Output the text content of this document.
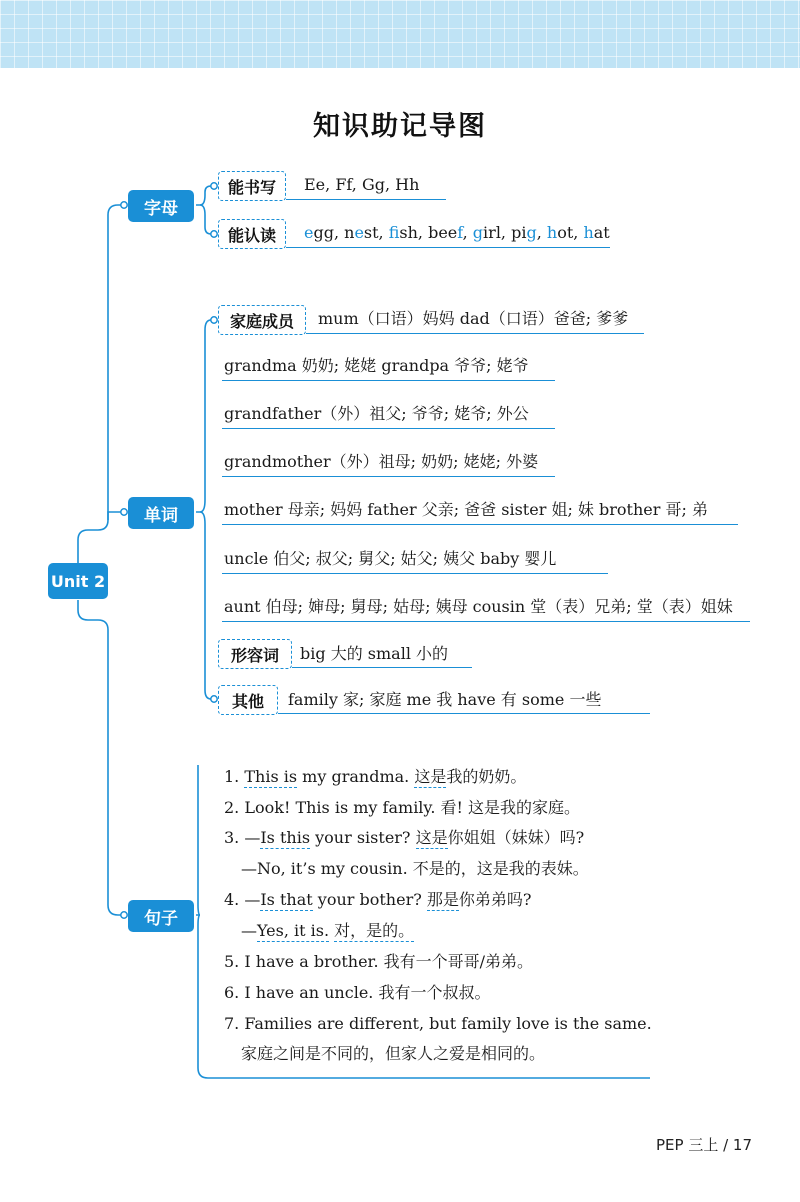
知识助记导图
Unit 2
字母
能书写 Ee, Ff, Gg, Hh
能认读 egg, nest, fish, beef, girl, pig, hot, hat
单词
家庭成员 mum（口语）妈妈 dad（口语）爸爸; 爹爹
grandma 奶奶; 姥姥 grandpa 爷爷; 姥爷
grandfather（外）祖父; 爷爷; 姥爷; 外公
grandmother（外）祖母; 奶奶; 姥姥; 外婆
mother 母亲; 妈妈 father 父亲; 爸爸 sister 姐; 妹 brother 哥; 弟
uncle 伯父; 叔父; 舅父; 姑父; 姨父 baby 婴儿
aunt 伯母; 婶母; 舅母; 姑母; 姨母 cousin 堂（表）兄弟; 堂（表）姐妹
形容词 big 大的 small 小的
其他 family 家; 家庭 me 我 have 有 some 一些
句子
1. This is my grandma. 这是我的奶奶。
2. Look! This is my family. 看! 这是我的家庭。
3. —Is this your sister? 这是你姐姐（妹妹）吗?
—No, it’s my cousin. 不是的，这是我的表妹。
4. —Is that your bother? 那是你弟弟吗?
—Yes, it is. 对，是的。
5. I have a brother. 我有一个哥哥/弟弟。
6. I have an uncle. 我有一个叔叔。
7. Families are different, but family love is the same.
家庭之间是不同的，但家人之爱是相同的。
PEP 三上 / 17
